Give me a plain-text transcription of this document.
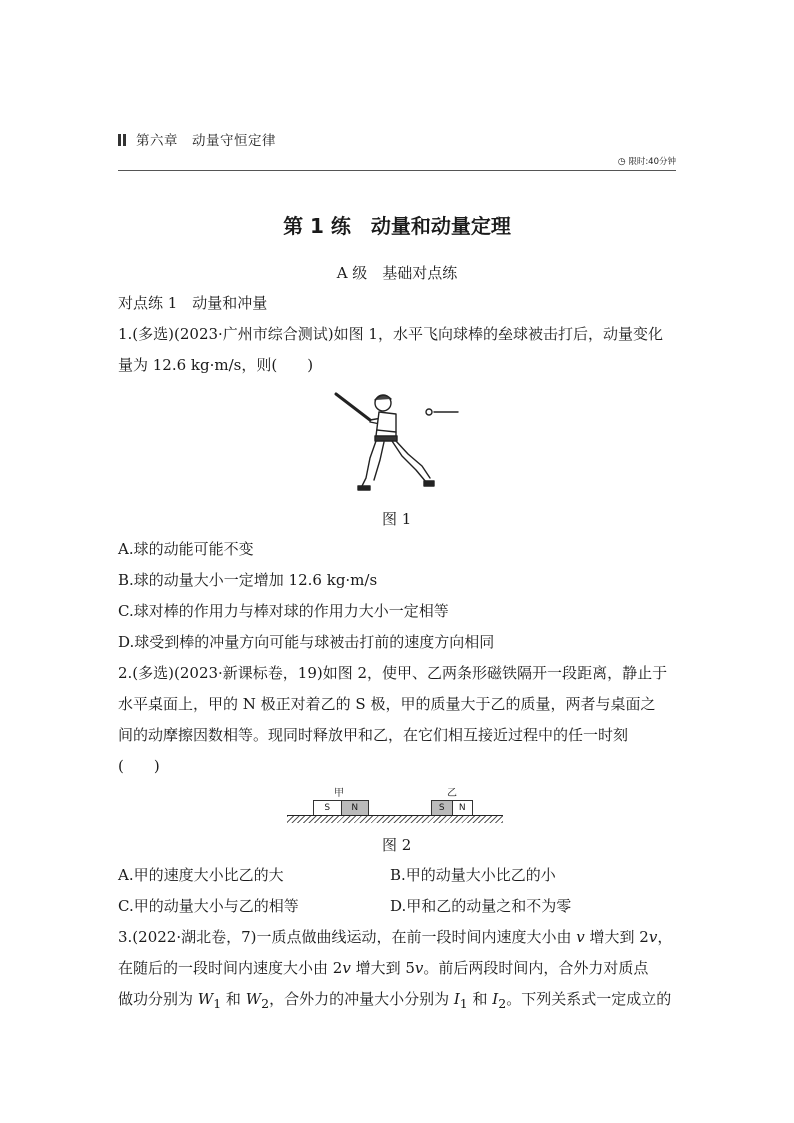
第六章　动量守恒定律
◷ 限时:40分钟
第 1 练　动量和动量定理
A 级　基础对点练
对点练 1　动量和冲量
1.(多选)(2023·广州市综合测试)如图 1，水平飞向球棒的垒球被击打后，动量变化
量为 12.6 kg·m/s，则(　　)
图 1
A.球的动能可能不变
B.球的动量大小一定增加 12.6 kg·m/s
C.球对棒的作用力与棒对球的作用力大小一定相等
D.球受到棒的冲量方向可能与球被击打前的速度方向相同
2.(多选)(2023·新课标卷，19)如图 2，使甲、乙两条形磁铁隔开一段距离，静止于
水平桌面上，甲的 N 极正对着乙的 S 极，甲的质量大于乙的质量，两者与桌面之
间的动摩擦因数相等。现同时释放甲和乙，在它们相互接近过程中的任一时刻
(　　)
甲	乙
S	N	S	N
图 2
A.甲的速度大小比乙的大	B.甲的动量大小比乙的小
C.甲的动量大小与乙的相等	D.甲和乙的动量之和不为零
3.(2022·湖北卷，7)一质点做曲线运动，在前一段时间内速度大小由 v 增大到 2v，
在随后的一段时间内速度大小由 2v 增大到 5v。前后两段时间内，合外力对质点
做功分别为 $W_1$ 和 $W_2$，合外力的冲量大小分别为 $I_1$ 和 $I_2$。下列关系式一定成立的
